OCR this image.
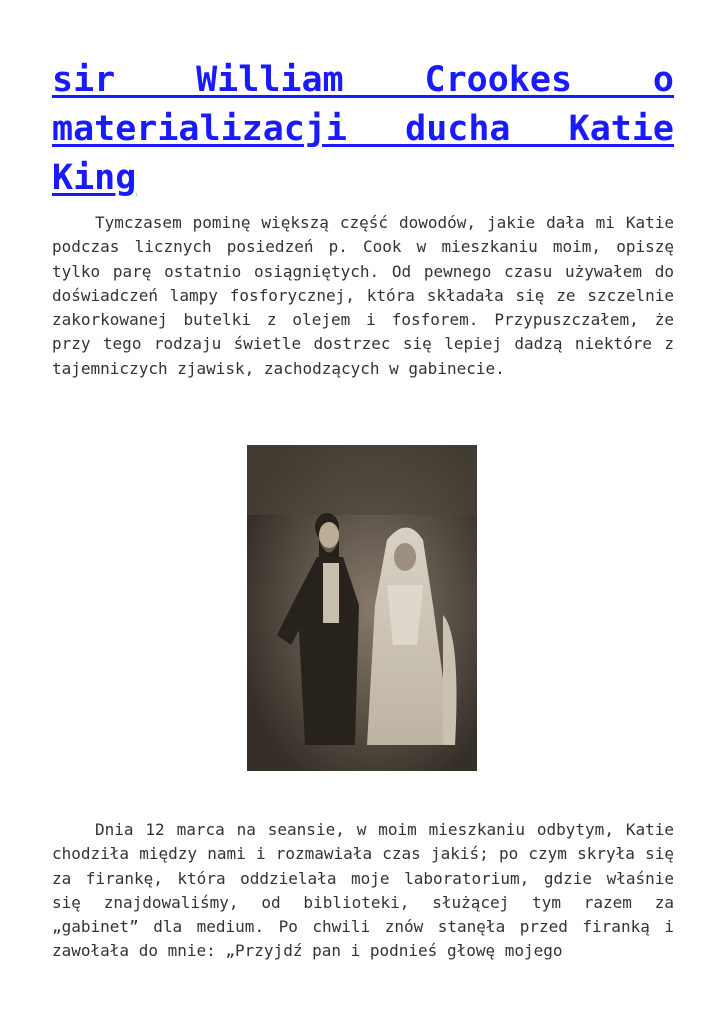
sir William Crookes o materializacji ducha Katie King

Tymczasem pominę większą część dowodów, jakie dała mi Katie podczas licznych posiedzeń p. Cook w mieszkaniu moim, opiszę tylko parę ostatnio osiągniętych. Od pewnego czasu używałem do doświadczeń lampy fosforycznej, która składała się ze szczelnie zakorkowanej butelki z olejem i fosforem. Przypuszczałem, że przy tego rodzaju świetle dostrzec się lepiej dadzą niektóre z tajemniczych zjawisk, zachodzących w gabinecie.

Dnia 12 marca na seansie, w moim mieszkaniu odbytym, Katie chodziła między nami i rozmawiała czas jakiś; po czym skryła się za firankę, która oddzielała moje laboratorium, gdzie właśnie się znajdowaliśmy, od biblioteki, służącej tym razem za „gabinet” dla medium. Po chwili znów stanęła przed firanką i zawołała do mnie: „Przyjdź pan i podnieś głowę mojego
